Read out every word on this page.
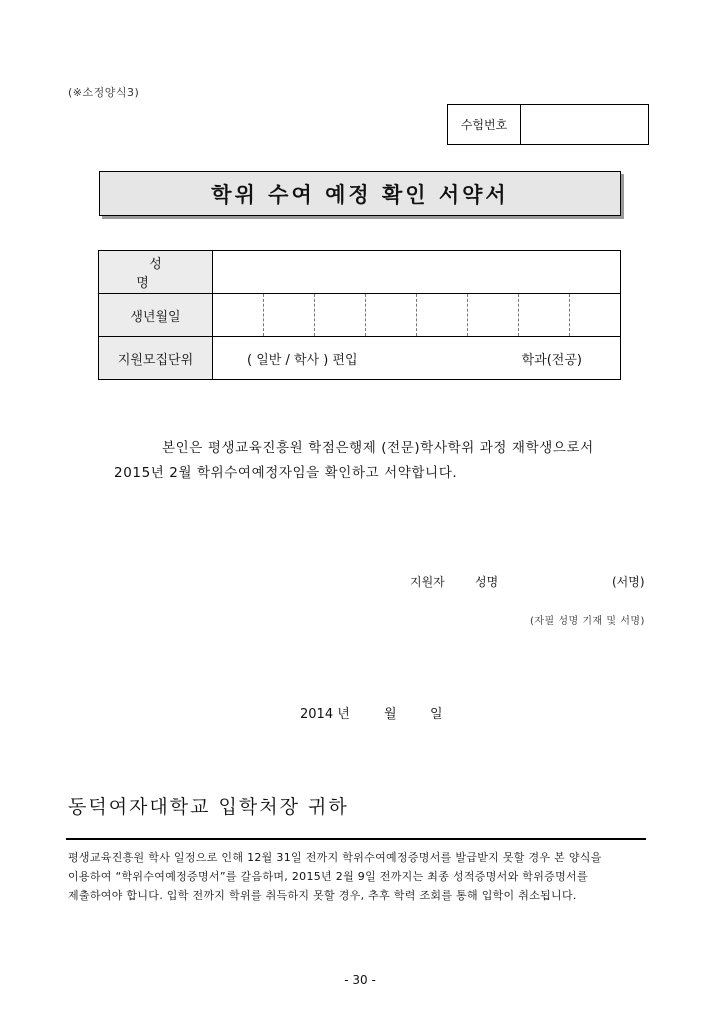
(※소정양식3)
수험번호
학위 수여 예정 확인 서약서
성 명	
생년월일	

지원모집단위	( 일반 / 학사 ) 편입 학과(전공)
본인은 평생교육진흥원 학점은행제 (전문)학사학위 과정 재학생으로서
2015년 2월 학위수여예정자임을 확인하고 서약합니다.
지원자	성명	(서명)
(자필 성명 기재 및 서명)
2014 년	월	일
동덕여자대학교 입학처장 귀하
평생교육진흥원 학사 일정으로 인해 12월 31일 전까지 학위수여예정증명서를 발급받지 못할 경우 본 양식을
이용하여 “학위수여예정증명서”를 갈음하며, 2015년 2월 9일 전까지는 최종 성적증명서와 학위증명서를
제출하여야 합니다. 입학 전까지 학위를 취득하지 못할 경우, 추후 학력 조회를 통해 입학이 취소됩니다.
- 30 -
